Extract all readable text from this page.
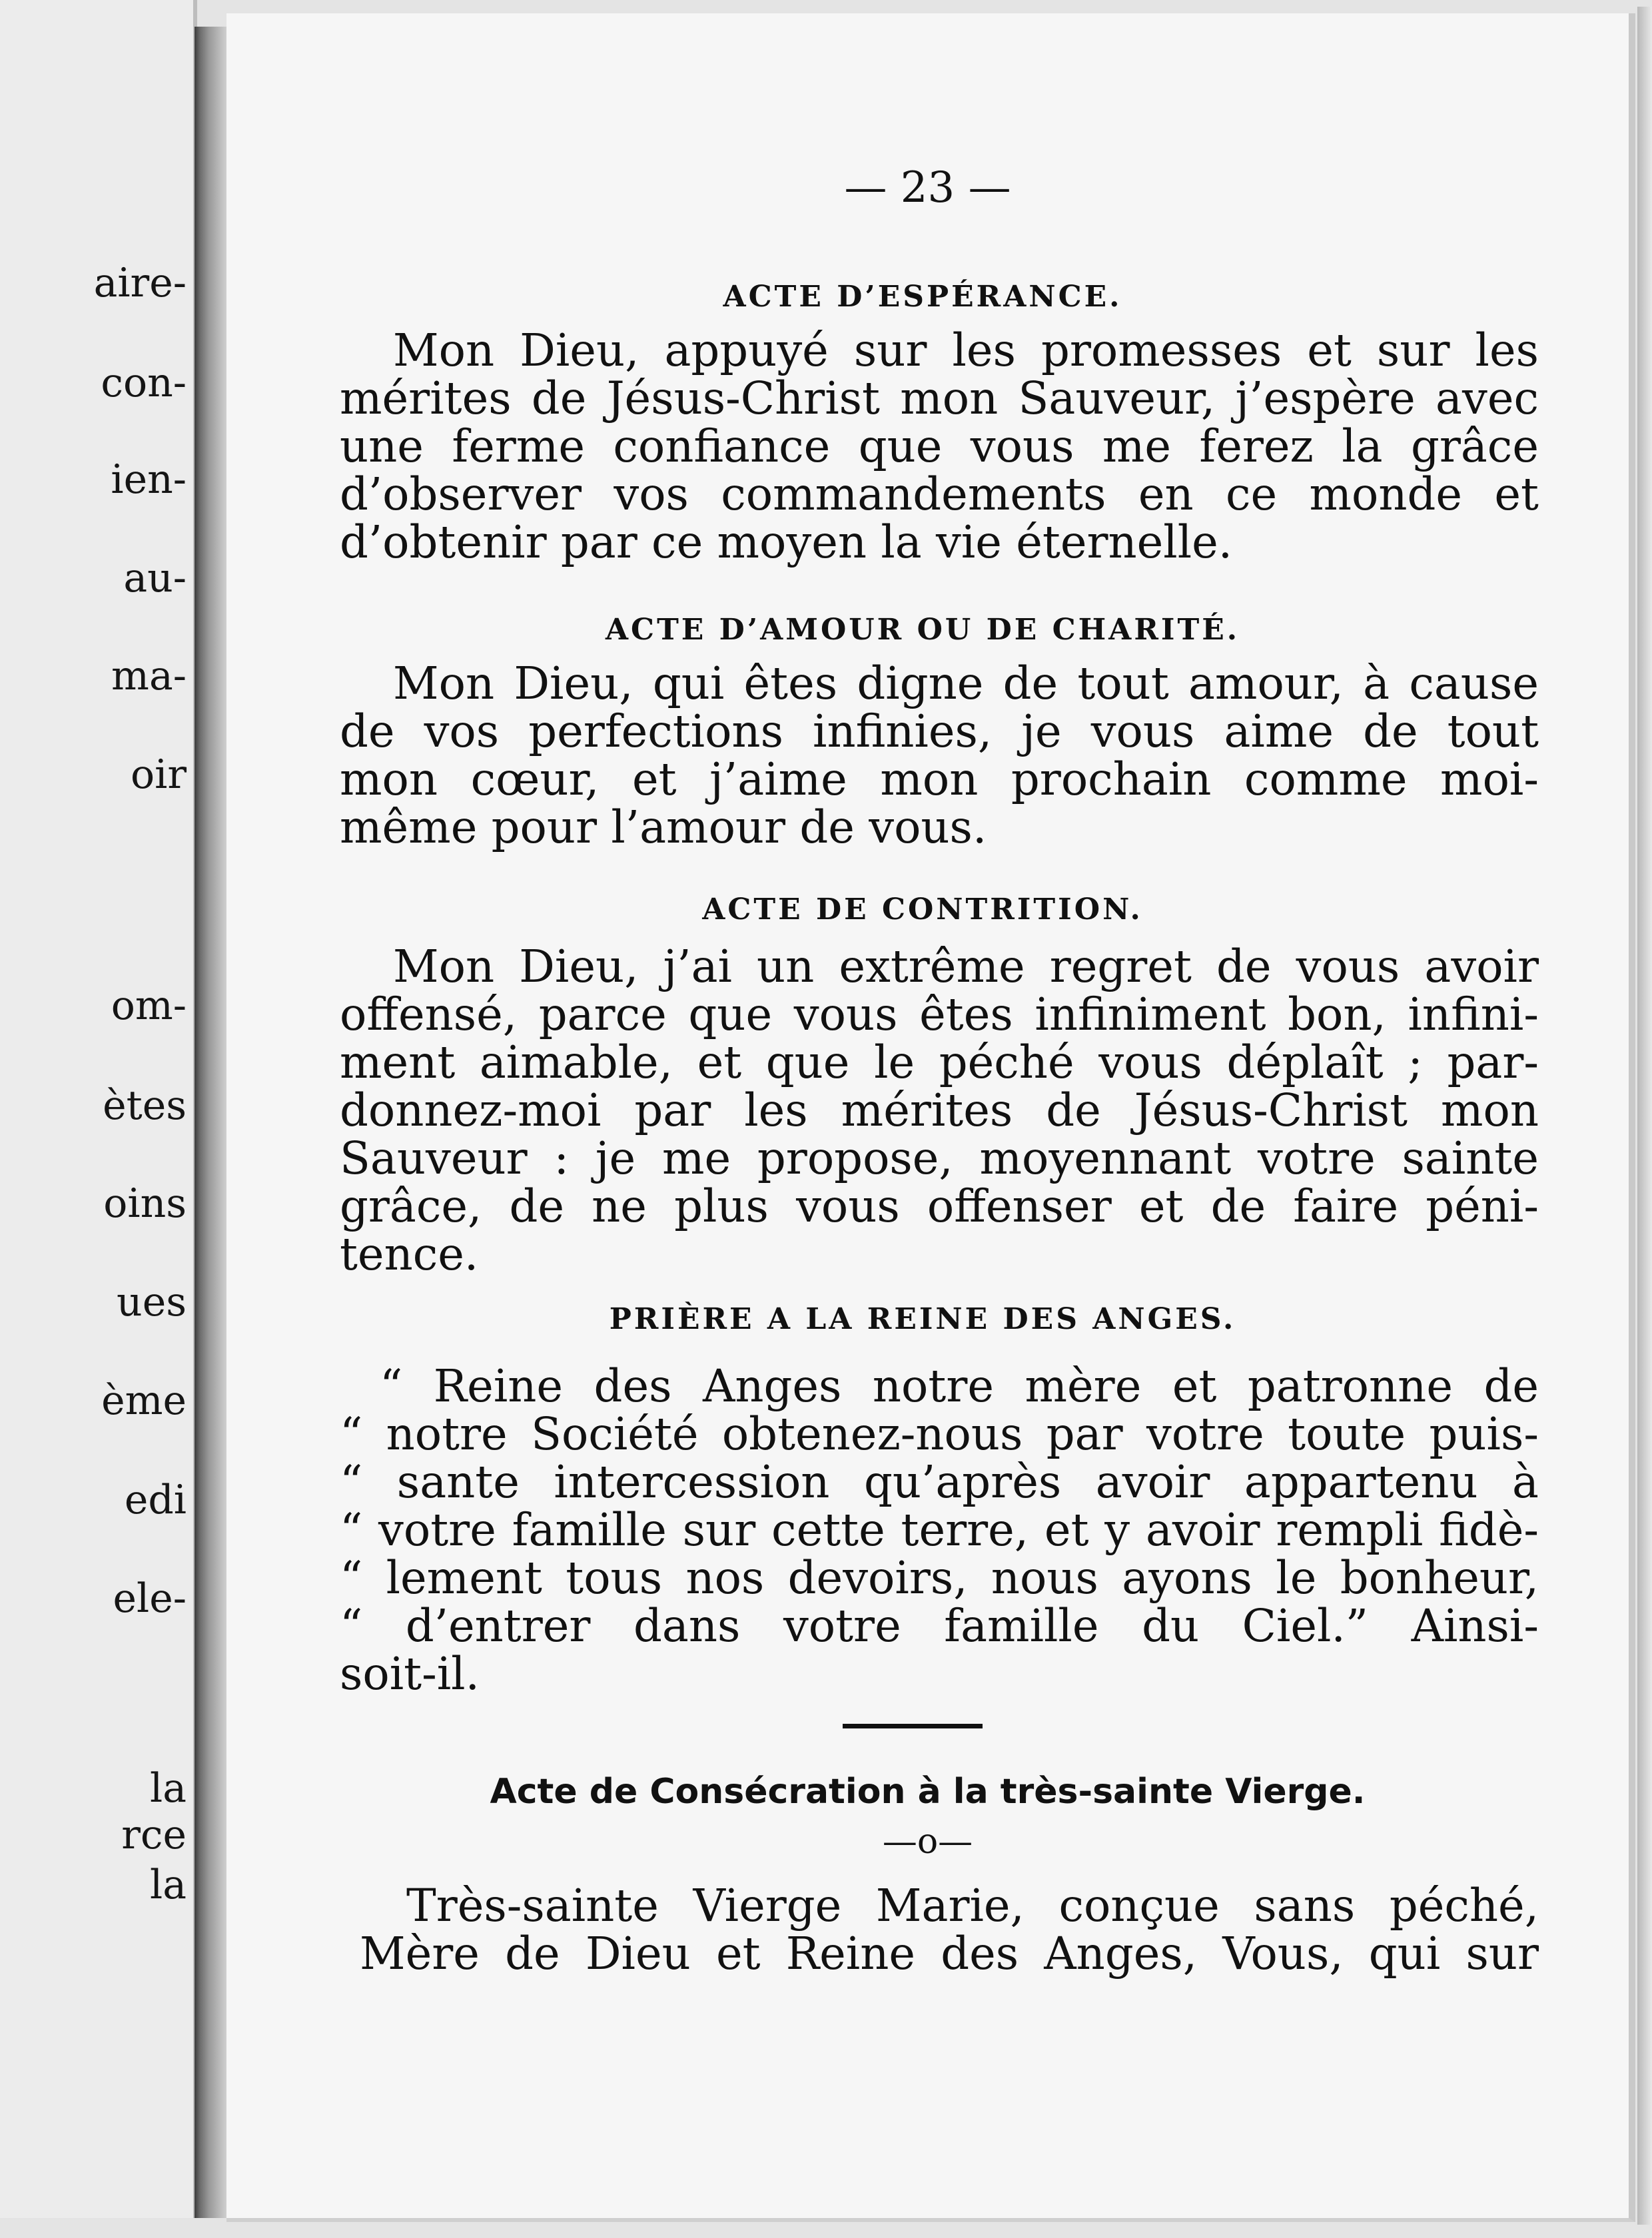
aire-
con-
ien-
au-
ma-
oir
om-
ètes
oins
ues
ème
edi
ele-
la
rce
la
— 23 —
ACTE D’ESPÉRANCE.
Mon Dieu, appuyé sur les promesses et sur les
mérites de Jésus-Christ mon Sauveur, j’espère avec
une ferme confiance que vous me ferez la grâce
d’observer vos commandements en ce monde et
d’obtenir par ce moyen la vie éternelle.
ACTE D’AMOUR OU DE CHARITÉ.
Mon Dieu, qui êtes digne de tout amour, à cause
de vos perfections infinies, je vous aime de tout
mon cœur, et j’aime mon prochain comme moi-
même pour l’amour de vous.
ACTE DE CONTRITION.
Mon Dieu, j’ai un extrême regret de vous avoir
offensé, parce que vous êtes infiniment bon, infini-
ment aimable, et que le péché vous déplaît ; par-
donnez-moi par les mérites de Jésus-Christ mon
Sauveur : je me propose, moyennant votre sainte
grâce, de ne plus vous offenser et de faire péni-
tence.
PRIÈRE A LA REINE DES ANGES.
“ Reine des Anges notre mère et patronne de
“ notre Société obtenez-nous par votre toute puis-
“ sante intercession qu’après avoir appartenu à
“ votre famille sur cette terre, et y avoir rempli fidè-
“ lement tous nos devoirs, nous ayons le bonheur,
“ d’entrer dans votre famille du Ciel.” Ainsi-
soit-il.
Acte de Consécration à la très-sainte Vierge.
—o—
Très-sainte Vierge Marie, conçue sans péché,
Mère de Dieu et Reine des Anges, Vous, qui sur
